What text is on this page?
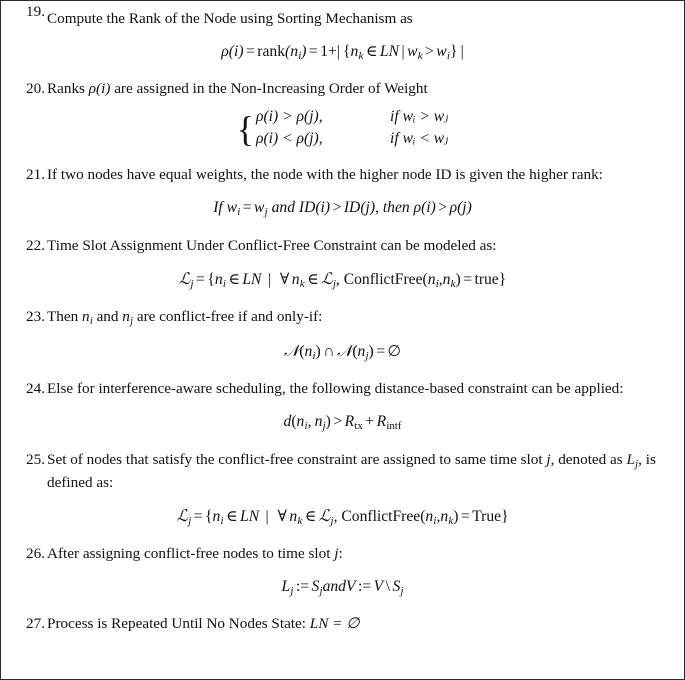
19. Compute the Rank of the Node using Sorting Mechanism as
$\rho(i) = rank(n_i) = 1+|$  {$n_k$ ∈ LN | $w_k > w_i$}  |
20. Ranks ρ(i) are assigned in the Non-Increasing Order of Weight
{ ρ(i) > ρ(j),	if wᵢ > wⱼ
ρ(i) < ρ(j),	if wᵢ < wⱼ
21. If two nodes have equal weights, the node with the higher node ID is given the higher rank:
If $w_i = w_j$ and ID(i) > ID(j), then ρ(i) > ρ(j)
22. Time Slot Assignment Under Conflict-Free Constraint can be modeled as:
ℒ$_j$ = {$n_i$ ∈ LN | ∀ $n_k$ ∈ ℒ$_j$, $ConflictFree(n_i,n_k)$ = true}
23. Then $n_i$ and $n_j$ are conflict-free if and only-if:
$𝒩(n_i)$ ∩ $𝒩(n_j)$ = ∅
24. Else for interference-aware scheduling, the following distance-based constraint can be applied:
$d(n_i$,  $n_j$) > Rtx + Rintf
25. Set of nodes that satisfy the conflict-free constraint are assigned to same time slot j, denoted as $L_j$, is defined as:
ℒ$_j$ = {$n_i$ ∈ LN | ∀ $n_k$ ∈ ℒ$_j$, $ConflictFree(n_i,n_k)$ = True}
26. After assigning conflict-free nodes to time slot j:
$L_j$ := $S_jandV$ := V \ $S_j$
27. Process is Repeated Until No Nodes State: LN = ∅
